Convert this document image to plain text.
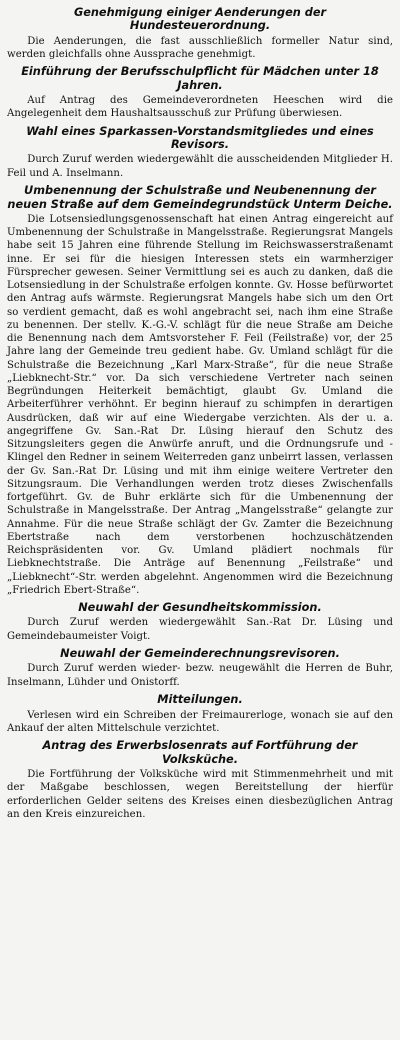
Genehmigung einiger Aenderungen der Hundesteuerordnung.

Die Aenderungen, die fast ausschließlich formeller Natur sind, werden gleichfalls ohne Aussprache genehmigt.

Einführung der Berufsschulpflicht für Mädchen unter 18 Jahren.

Auf Antrag des Gemeindeverordneten Heeschen wird die Angelegenheit dem Haushaltsausschuß zur Prüfung überwiesen.

Wahl eines Sparkassen-Vorstandsmitgliedes und eines Revisors.

Durch Zuruf werden wiedergewählt die ausscheidenden Mitglieder H. Feil und A. Inselmann.

Umbenennung der Schulstraße und Neubenennung der neuen Straße auf dem Gemeindegrundstück Unterm Deiche.

Die Lotsensiedlungsgenossenschaft hat einen Antrag eingereicht auf Umbenennung der Schulstraße in Mangelsstraße. Regierungsrat Mangels habe seit 15 Jahren eine führende Stellung im Reichswasserstraßenamt inne. Er sei für die hiesigen Interessen stets ein warmherziger Fürsprecher gewesen. Seiner Vermittlung sei es auch zu danken, daß die Lotsensiedlung in der Schulstraße erfolgen konnte. Gv. Hosse befürwortet den Antrag aufs wärmste. Regierungsrat Mangels habe sich um den Ort so verdient gemacht, daß es wohl angebracht sei, nach ihm eine Straße zu benennen. Der stellv. K.-G.-V. schlägt für die neue Straße am Deiche die Benennung nach dem Amtsvorsteher F. Feil (Feilstraße) vor, der 25 Jahre lang der Gemeinde treu gedient habe. Gv. Umland schlägt für die Schulstraße die Bezeichnung „Karl Marx-Straße“, für die neue Straße „Liebknecht-Str.“ vor. Da sich verschiedene Vertreter nach seinen Begründungen Heiterkeit bemächtigt, glaubt Gv. Umland die Arbeiterführer verhöhnt. Er beginn hierauf zu schimpfen in derartigen Ausdrücken, daß wir auf eine Wiedergabe verzichten. Als der u. a. angegriffene Gv. San.-Rat Dr. Lüsing hierauf den Schutz des Sitzungsleiters gegen die Anwürfe anruft, und die Ordnungsrufe und -Klingel den Redner in seinem Weiterreden ganz unbeirrt lassen, verlassen der Gv. San.-Rat Dr. Lüsing und mit ihm einige weitere Vertreter den Sitzungsraum. Die Verhandlungen werden trotz dieses Zwischenfalls fortgeführt. Gv. de Buhr erklärte sich für die Umbenennung der Schulstraße in Mangelsstraße. Der Antrag „Mangelsstraße“ gelangte zur Annahme. Für die neue Straße schlägt der Gv. Zamter die Bezeichnung Ebertstraße nach dem verstorbenen hochzuschätzenden Reichspräsidenten vor. Gv. Umland plädiert nochmals für Liebknechtstraße. Die Anträge auf Benennung „Feilstraße“ und „Liebknecht“-Str. werden abgelehnt. Angenommen wird die Bezeichnung „Friedrich Ebert-Straße“.

Neuwahl der Gesundheitskommission.

Durch Zuruf werden wiedergewählt San.-Rat Dr. Lüsing und Gemeindebaumeister Voigt.

Neuwahl der Gemeinderechnungsrevisoren.

Durch Zuruf werden wieder- bezw. neugewählt die Herren de Buhr, Inselmann, Lühder und Onistorff.

Mitteilungen.

Verlesen wird ein Schreiben der Freimaurerloge, wonach sie auf den Ankauf der alten Mittelschule verzichtet.

Antrag des Erwerbslosenrats auf Fortführung der Volksküche.

Die Fortführung der Volksküche wird mit Stimmenmehrheit und mit der Maßgabe beschlossen, wegen Bereitstellung der hierfür erforderlichen Gelder seitens des Kreises einen diesbezüglichen Antrag an den Kreis einzureichen.
